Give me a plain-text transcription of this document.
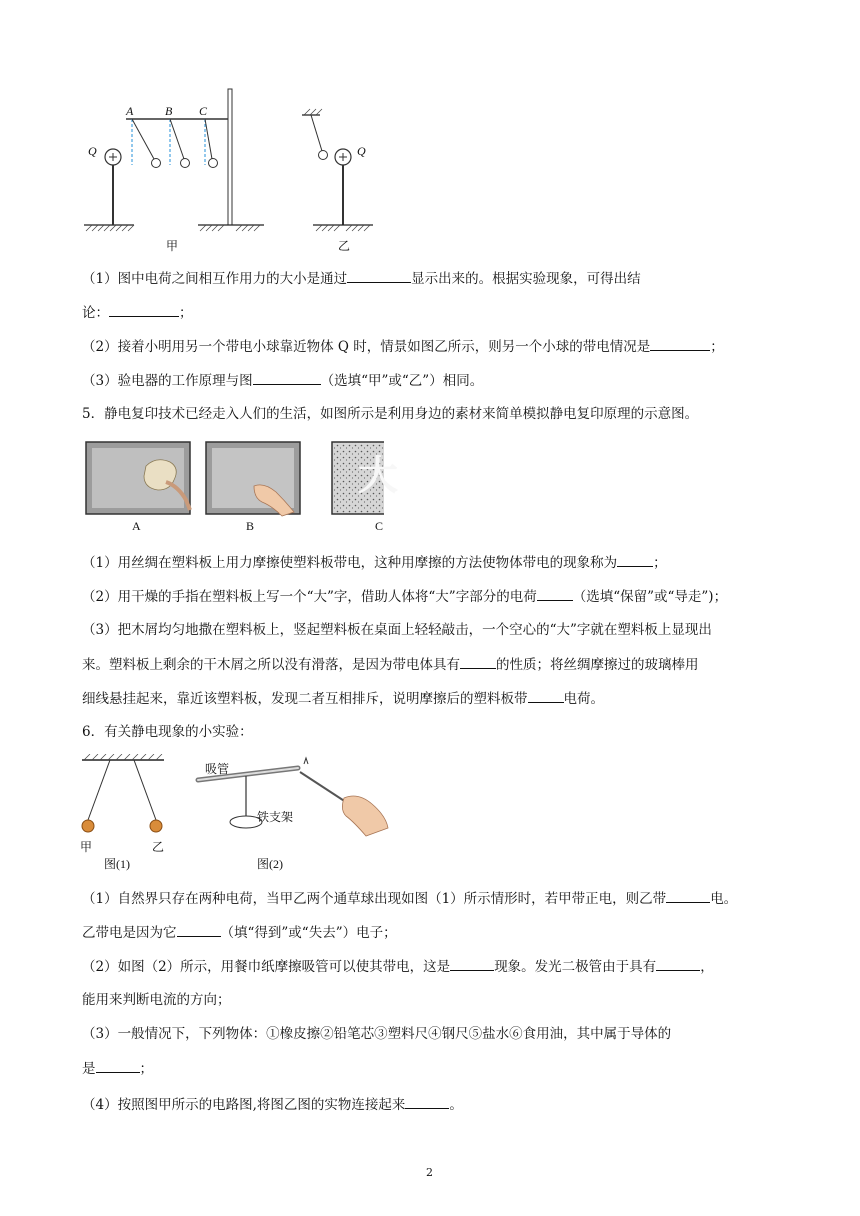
A	B C
Q	Q
甲	乙
（1）图中电荷之间相互作用力的大小是通过	显示出来的。根据实验现象，可得出结
论：	；
（2）接着小明用另一个带电小球靠近物体 Q 时，情景如图乙所示，则另一个小球的带电情况是	；
（3）验电器的工作原理与图	（选填“甲”或“乙”）相同。
5．静电复印技术已经走入人们的生活，如图所示是利用身边的素材来简单模拟静电复印原理的示意图。
大
A	B	C
（1）用丝绸在塑料板上用力摩擦使塑料板带电，这种用摩擦的方法使物体带电的现象称为	；
（2）用干燥的手指在塑料板上写一个“大”字，借助人体将“大”字部分的电荷	（选填“保留”或“导走”)；
（3）把木屑均匀地撒在塑料板上，竖起塑料板在桌面上轻轻敲击，一个空心的“大”字就在塑料板上显现出
来。塑料板上剩余的干木屑之所以没有滑落，是因为带电体具有	的性质；将丝绸摩擦过的玻璃棒用
细线悬挂起来，靠近该塑料板，发现二者互相排斥，说明摩擦后的塑料板带	电荷。
6．有关静电现象的小实验：
甲	乙
图(1)
吸管
铁支架
图(2)
（1）自然界只存在两种电荷，当甲乙两个通草球出现如图（1）所示情形时，若甲带正电，则乙带	电。
乙带电是因为它	（填“得到”或“失去”）电子；
（2）如图（2）所示，用餐巾纸摩擦吸管可以使其带电，这是	现象。发光二极管由于具有	，
能用来判断电流的方向；
（3）一般情况下，下列物体：①橡皮擦②铅笔芯③塑料尺④钢尺⑤盐水⑥食用油，其中属于导体的
是	；
（4）按照图甲所示的电路图,将图乙图的实物连接起来	。
2
